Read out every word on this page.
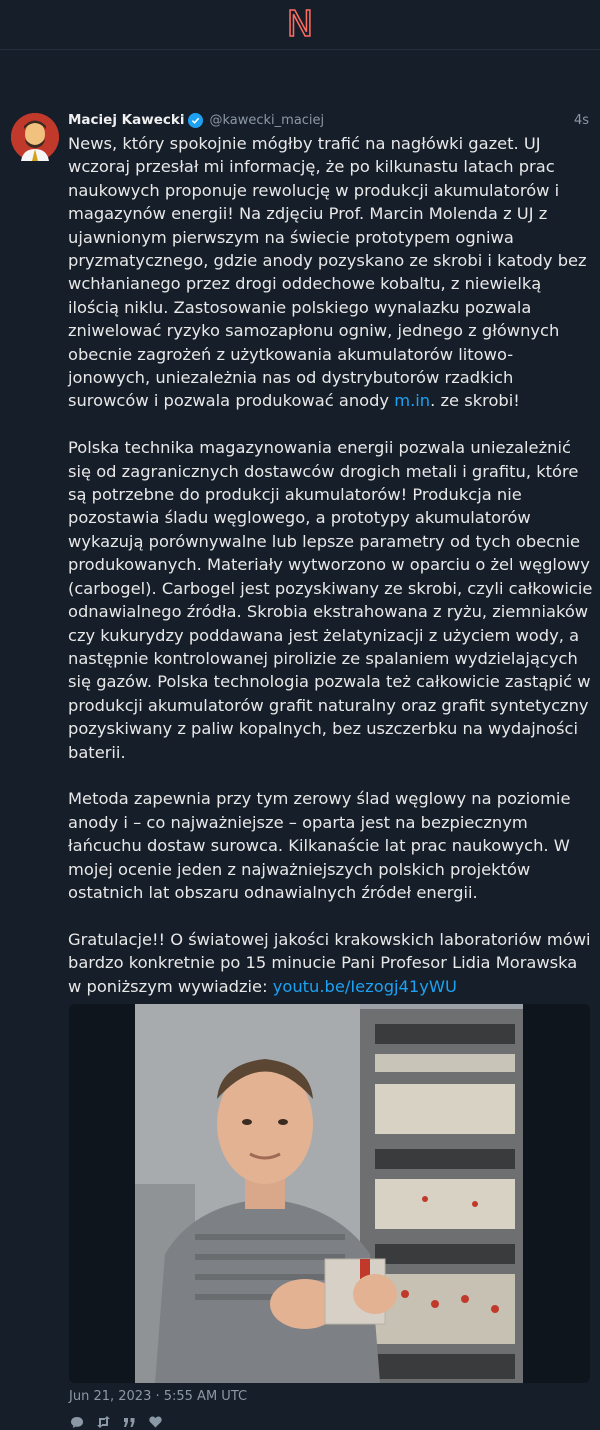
N
Maciej Kawecki @kawecki_maciej	4s

News, który spokojnie mógłby trafić na nagłówki gazet. UJ wczoraj przesłał mi informację, że po kilkunastu latach prac naukowych proponuje rewolucję w produkcji akumulatorów i magazynów energii! Na zdjęciu Prof. Marcin Molenda z UJ z ujawnionym pierwszym na świecie prototypem ogniwa pryzmatycznego, gdzie anody pozyskano ze skrobi i katody bez wchłanianego przez drogi oddechowe kobaltu, z niewielką ilością niklu. Zastosowanie polskiego wynalazku pozwala zniwelować ryzyko samozapłonu ogniw, jednego z głównych obecnie zagrożeń z użytkowania akumulatorów litowo-jonowych, uniezależnia nas od dystrybutorów rzadkich surowców i pozwala produkować anody m.in. ze skrobi!

Polska technika magazynowania energii pozwala uniezależnić się od zagranicznych dostawców drogich metali i grafitu, które są potrzebne do produkcji akumulatorów! Produkcja nie pozostawia śladu węglowego, a prototypy akumulatorów wykazują porównywalne lub lepsze parametry od tych obecnie produkowanych. Materiały wytworzono w oparciu o żel węglowy (carbogel). Carbogel jest pozyskiwany ze skrobi, czyli całkowicie odnawialnego źródła. Skrobia ekstrahowana z ryżu, ziemniaków czy kukurydzy poddawana jest żelatynizacji z użyciem wody, a następnie kontrolowanej pirolizie ze spalaniem wydzielających się gazów. Polska technologia pozwala też całkowicie zastąpić w produkcji akumulatorów grafit naturalny oraz grafit syntetyczny pozyskiwany z paliw kopalnych, bez uszczerbku na wydajności baterii.

Metoda zapewnia przy tym zerowy ślad węglowy na poziomie anody i – co najważniejsze – oparta jest na bezpiecznym łańcuchu dostaw surowca. Kilkanaście lat prac naukowych. W mojej ocenie jeden z najważniejszych polskich projektów ostatnich lat obszaru odnawialnych źródeł energii.

Gratulacje!! O światowej jakości krakowskich laboratoriów mówi bardzo konkretnie po 15 minucie Pani Profesor Lidia Morawska w poniższym wywiadzie: youtu.be/Iezogj41yWU

Jun 21, 2023 · 5:55 AM UTC
